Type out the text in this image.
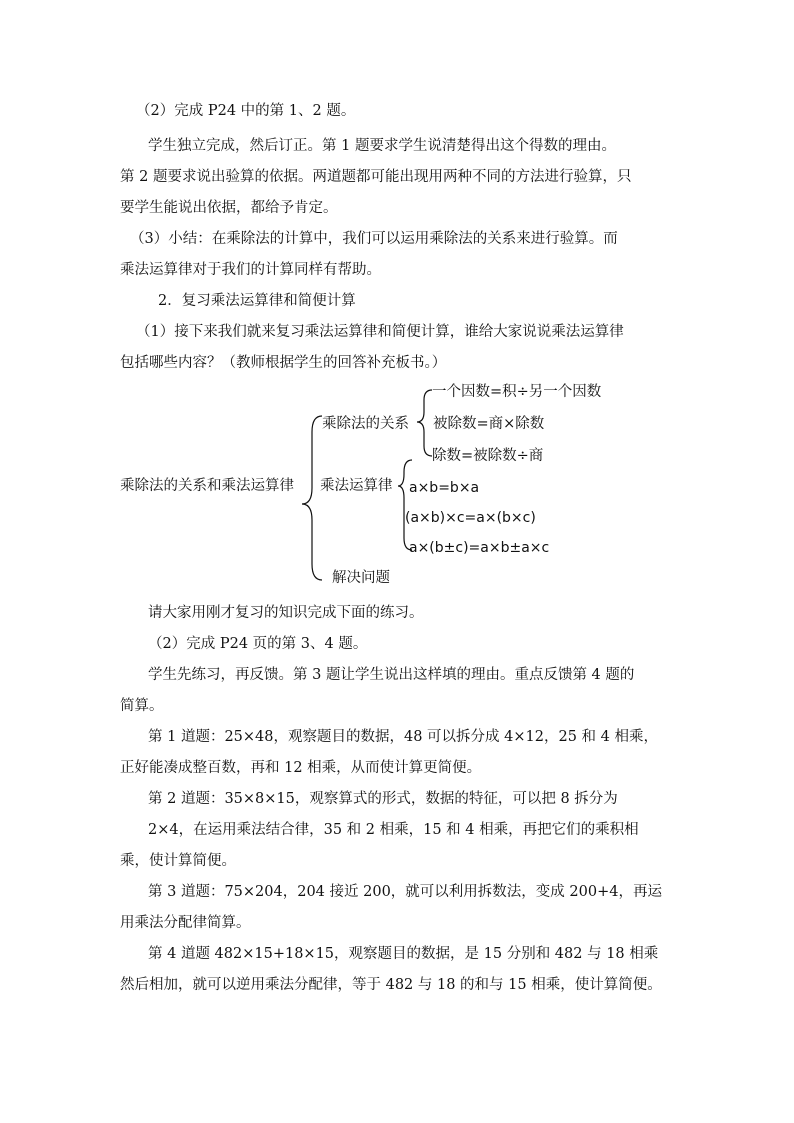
（2）完成 P24 中的第 1、2 题。
学生独立完成，然后订正。第 1 题要求学生说清楚得出这个得数的理由。
第 2 题要求说出验算的依据。两道题都可能出现用两种不同的方法进行验算，只
要学生能说出依据，都给予肯定。
（3）小结：在乘除法的计算中，我们可以运用乘除法的关系来进行验算。而
乘法运算律对于我们的计算同样有帮助。
2．复习乘法运算律和简便计算
（1）接下来我们就来复习乘法运算律和简便计算，谁给大家说说乘法运算律
包括哪些内容？（教师根据学生的回答补充板书。）
乘除法的关系和乘法运算律
乘除法的关系
一个因数=积÷另一个因数
被除数=商×除数
除数=被除数÷商
乘法运算律 a×b=b×a
(a×b)×c=a×(b×c)
a×(b±c)=a×b±a×c
解决问题
请大家用刚才复习的知识完成下面的练习。
（2）完成 P24 页的第 3、4 题。
学生先练习，再反馈。第 3 题让学生说出这样填的理由。重点反馈第 4 题的
简算。
第 1 道题：25×48，观察题目的数据，48 可以拆分成 4×12，25 和 4 相乘，
正好能凑成整百数，再和 12 相乘，从而使计算更简便。
第 2 道题：35×8×15，观察算式的形式，数据的特征，可以把 8 拆分为
2×4，在运用乘法结合律，35 和 2 相乘，15 和 4 相乘，再把它们的乘积相
乘，使计算简便。
第 3 道题：75×204，204 接近 200，就可以利用拆数法，变成 200+4，再运
用乘法分配律简算。
第 4 道题 482×15+18×15，观察题目的数据，是 15 分别和 482 与 18 相乘
然后相加，就可以逆用乘法分配律，等于 482 与 18 的和与 15 相乘，使计算简便。
